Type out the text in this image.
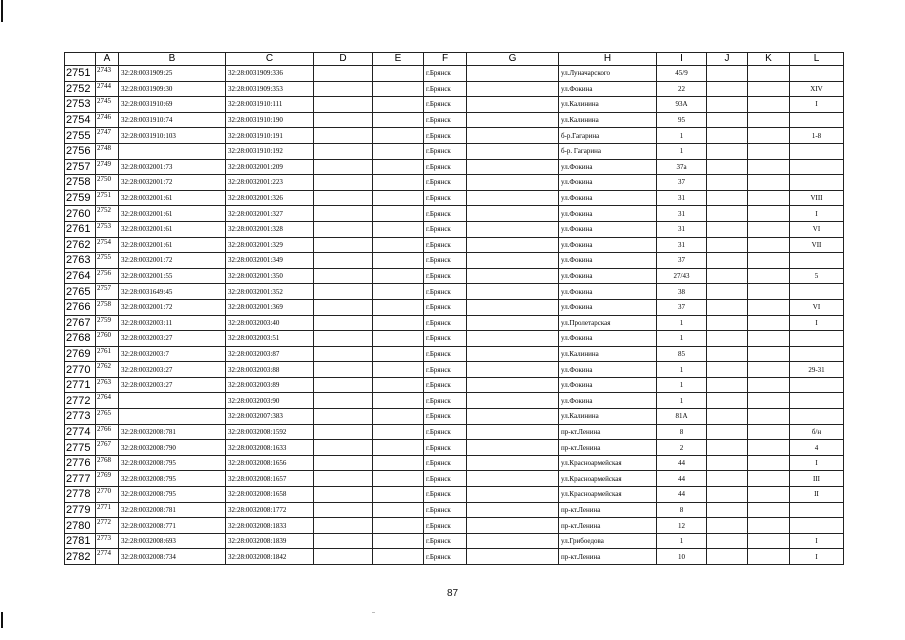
	A	B	C	D	E	F	G	H	I	J	K	L
2751	2743	32:28:0031909:25	32:28:0031909:336			г.Брянск		ул.Луначарского	45/9			
2752	2744	32:28:0031909:30	32:28:0031909:353			г.Брянск		ул.Фокина	22			XIV
2753	2745	32:28:0031910:69	32:28:0031910:111			г.Брянск		ул.Калинина	93А			I
2754	2746	32:28:0031910:74	32:28:0031910:190			г.Брянск		ул.Калинина	95			
2755	2747	32:28:0031910:103	32:28:0031910:191			г.Брянск		б-р.Гагарина	1			1-8
2756	2748		32:28:0031910:192			г.Брянск		б-р. Гагарина	1			
2757	2749	32:28:0032001:73	32:28:0032001:209			г.Брянск		ул.Фокина	37а			
2758	2750	32:28:0032001:72	32:28:0032001:223			г.Брянск		ул.Фокина	37			
2759	2751	32:28:0032001:61	32:28:0032001:326			г.Брянск		ул.Фокина	31			VIII
2760	2752	32:28:0032001:61	32:28:0032001:327			г.Брянск		ул.Фокина	31			I
2761	2753	32:28:0032001:61	32:28:0032001:328			г.Брянск		ул.Фокина	31			VI
2762	2754	32:28:0032001:61	32:28:0032001:329			г.Брянск		ул.Фокина	31			VII
2763	2755	32:28:0032001:72	32:28:0032001:349			г.Брянск		ул.Фокина	37			
2764	2756	32:28:0032001:55	32:28:0032001:350			г.Брянск		ул.Фокина	27/43			5
2765	2757	32:28:0031649:45	32:28:0032001:352			г.Брянск		ул.Фокина	38			
2766	2758	32:28:0032001:72	32:28:0032001:369			г.Брянск		ул.Фокина	37			VI
2767	2759	32:28:0032003:11	32:28:0032003:40			г.Брянск		ул.Пролетарская	1			I
2768	2760	32:28:0032003:27	32:28:0032003:51			г.Брянск		ул.Фокина	1			
2769	2761	32:28:0032003:7	32:28:0032003:87			г.Брянск		ул.Калинина	85			
2770	2762	32:28:0032003:27	32:28:0032003:88			г.Брянск		ул.Фокина	1			29-31
2771	2763	32:28:0032003:27	32:28:0032003:89			г.Брянск		ул.Фокина	1			
2772	2764		32:28:0032003:90			г.Брянск		ул.Фокина	1			
2773	2765		32:28:0032007:383			г.Брянск		ул.Калинина	81А			
2774	2766	32:28:0032008:781	32:28:0032008:1592			г.Брянск		пр-кт.Ленина	8			б/н
2775	2767	32:28:0032008:790	32:28:0032008:1633			г.Брянск		пр-кт.Ленина	2			4
2776	2768	32:28:0032008:795	32:28:0032008:1656			г.Брянск		ул.Красноармейская	44			I
2777	2769	32:28:0032008:795	32:28:0032008:1657			г.Брянск		ул.Красноармейская	44			III
2778	2770	32:28:0032008:795	32:28:0032008:1658			г.Брянск		ул.Красноармейская	44			II
2779	2771	32:28:0032008:781	32:28:0032008:1772			г.Брянск		пр-кт.Ленина	8			
2780	2772	32:28:0032008:771	32:28:0032008:1833			г.Брянск		пр-кт.Ленина	12			
2781	2773	32:28:0032008:693	32:28:0032008:1839			г.Брянск		ул.Грибоедова	1			I
2782	2774	32:28:0032008:734	32:28:0032008:1842			г.Брянск		пр-кт.Ленина	10			I
87
